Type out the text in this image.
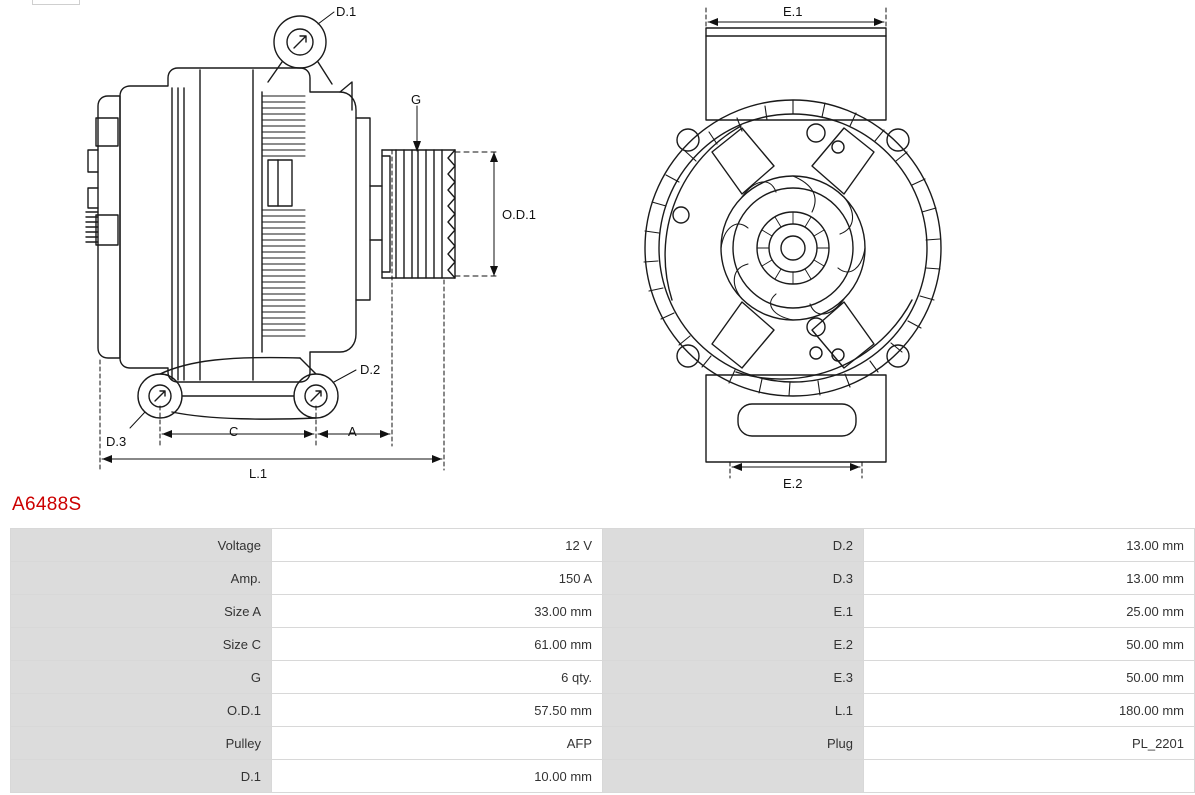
D.1
D.2
D.3
G
O.D.1
A
C
L.1
E.1
E.2
A6488S
Voltage	12 V	D.2	13.00 mm
Amp.	150 A	D.3	13.00 mm
Size A	33.00 mm	E.1	25.00 mm
Size C	61.00 mm	E.2	50.00 mm
G	6 qty.	E.3	50.00 mm
O.D.1	57.50 mm	L.1	180.00 mm
Pulley	AFP	Plug	PL_2201
D.1	10.00 mm		
